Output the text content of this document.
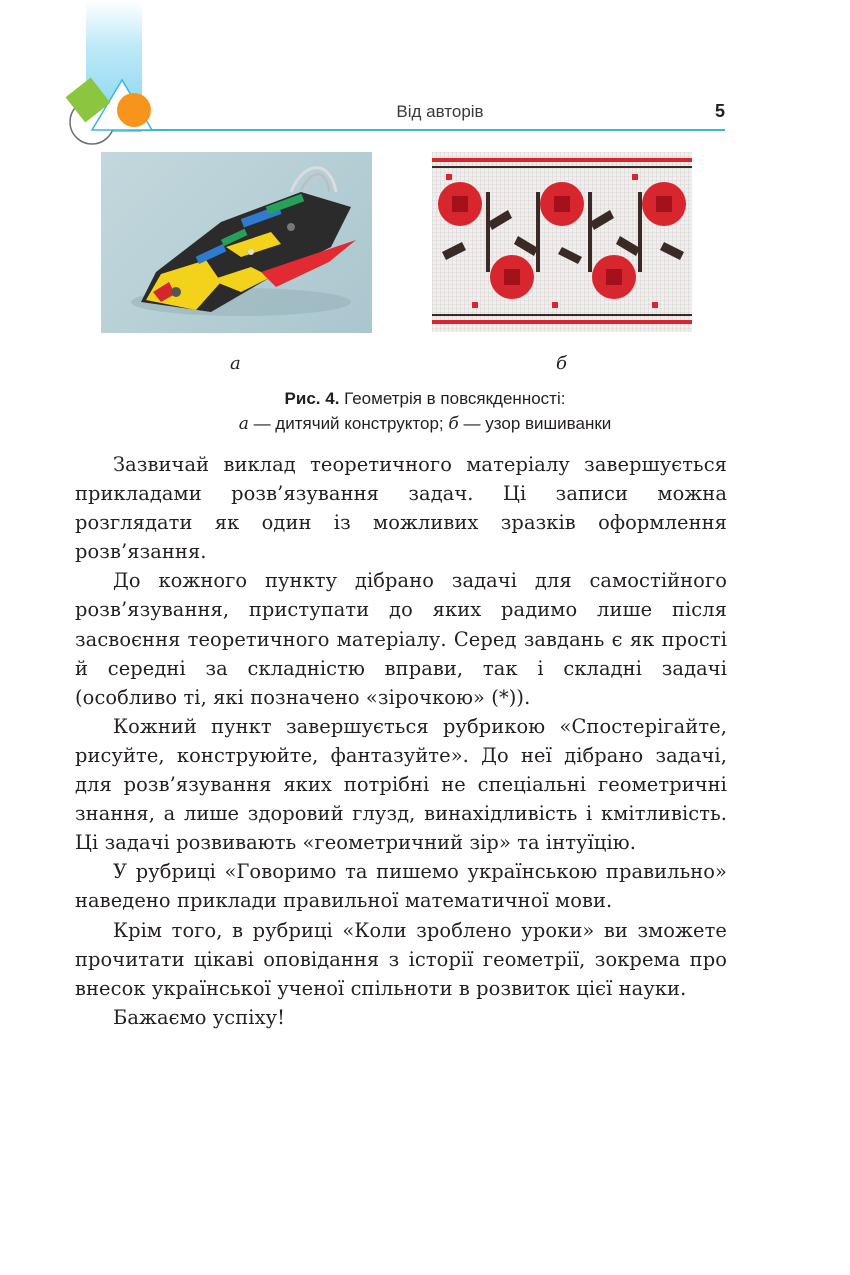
Від авторів	5
а	б
Рис. 4. Геометрія в повсякденності:
а — дитячий конструктор; б — узор вишиванки

Зазвичай виклад теоретичного матеріалу завершується прикладами розв’язування задач. Ці записи можна розглядати як один із можливих зразків оформлення розв’язання.

До кожного пункту дібрано задачі для самостійного розв’язування, приступати до яких радимо лише після засвоєння теоретичного матеріалу. Серед завдань є як прості й середні за складністю вправи, так і складні задачі (особливо ті, які позначено «зірочкою» (*)).

Кожний пункт завершується рубрикою «Спостерігайте, рисуйте, конструюйте, фантазуйте». До неї дібрано задачі, для розв’язування яких потрібні не спеціальні геометричні знання, а лише здоровий глузд, винахідливість і кмітливість. Ці задачі розвивають «геометричний зір» та інтуїцію.

У рубриці «Говоримо та пишемо українською правильно» наведено приклади правильної математичної мови.

Крім того, в рубриці «Коли зроблено уроки» ви зможете прочитати цікаві оповідання з історії геометрії, зокрема про внесок української ученої спільноти в розвиток цієї науки.

Бажаємо успіху!
